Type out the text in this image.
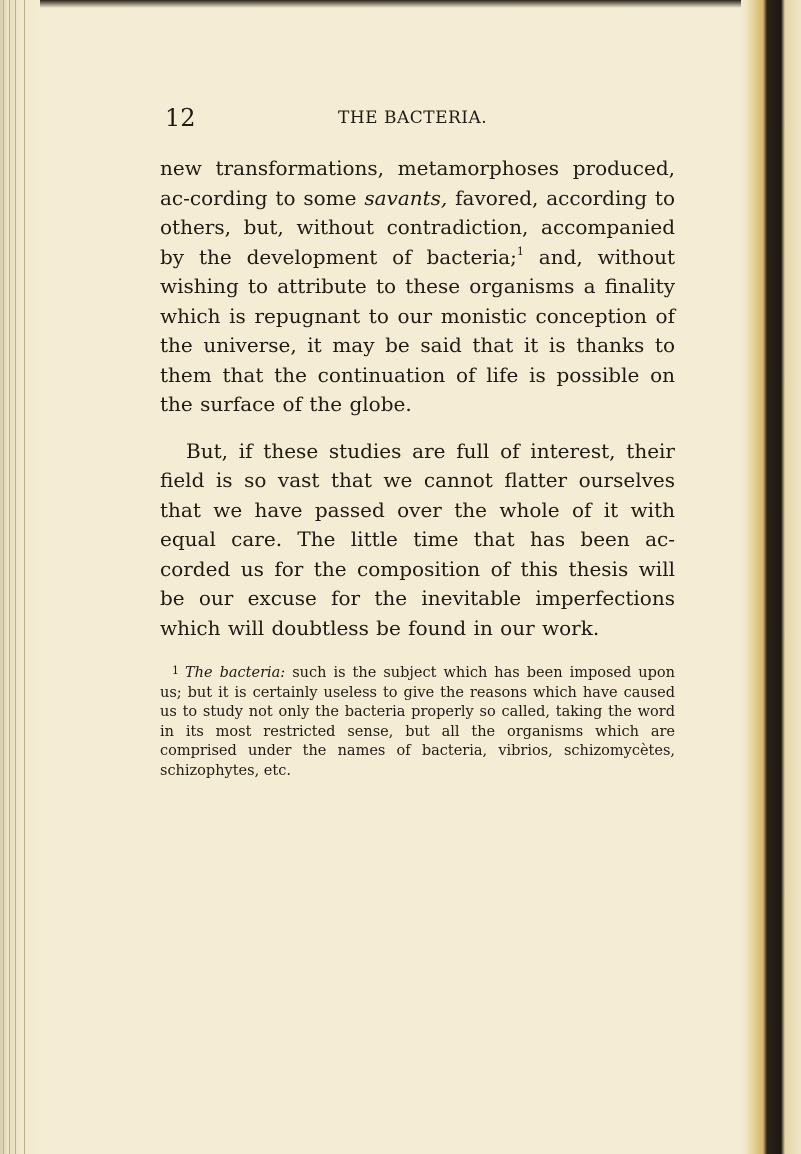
12	THE BACTERIA.

new transformations, metamorphoses produced, ac-cording to some savants, favored, according to others, but, without contradiction, accompanied by the development of bacteria;$^1$ and, without wishing to attribute to these organisms a finality which is repugnant to our monistic conception of the universe, it may be said that it is thanks to them that the continuation of life is possible on the surface of the globe.

But, if these studies are full of interest, their field is so vast that we cannot flatter ourselves that we have passed over the whole of it with equal care. The little time that has been ac-corded us for the composition of this thesis will be our excuse for the inevitable imperfections which will doubtless be found in our work.

$^1$ The bacteria: such is the subject which has been imposed upon us; but it is certainly useless to give the reasons which have caused us to study not only the bacteria properly so called, taking the word in its most restricted sense, but all the organisms which are comprised under the names of bacteria, vibrios, schizomycètes, schizophytes, etc.
